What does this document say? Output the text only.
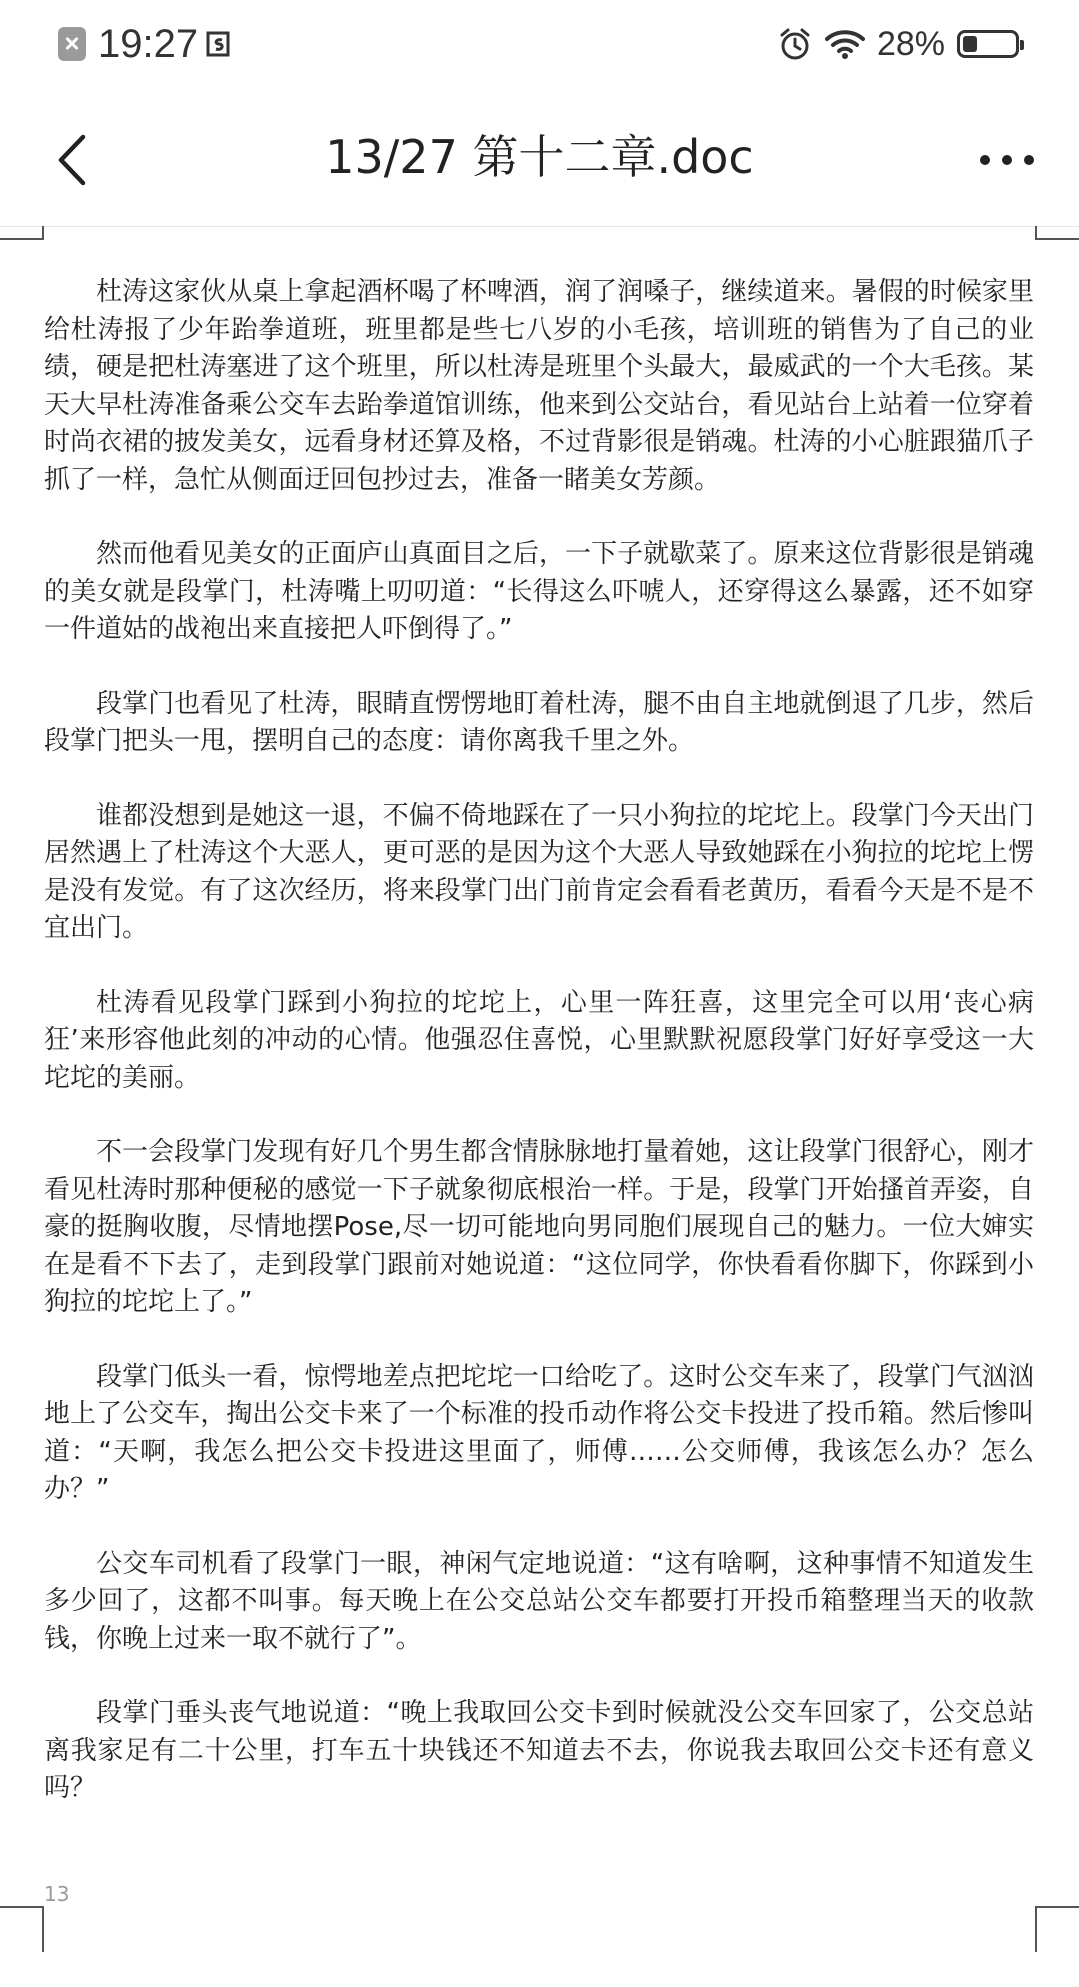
19:27	28%
13/27 第十二章.doc

杜涛这家伙从桌上拿起酒杯喝了杯啤酒，润了润嗓子，继续道来。暑假的时候家里给杜涛报了少年跆拳道班，班里都是些七八岁的小毛孩，培训班的销售为了自己的业绩，硬是把杜涛塞进了这个班里，所以杜涛是班里个头最大，最威武的一个大毛孩。某天大早杜涛准备乘公交车去跆拳道馆训练，他来到公交站台，看见站台上站着一位穿着时尚衣裙的披发美女，远看身材还算及格，不过背影很是销魂。杜涛的小心脏跟猫爪子抓了一样，急忙从侧面迂回包抄过去，准备一睹美女芳颜。

然而他看见美女的正面庐山真面目之后，一下子就歇菜了。原来这位背影很是销魂的美女就是段掌门，杜涛嘴上叨叨道：“长得这么吓唬人，还穿得这么暴露，还不如穿一件道姑的战袍出来直接把人吓倒得了。”

段掌门也看见了杜涛，眼睛直愣愣地盯着杜涛，腿不由自主地就倒退了几步，然后段掌门把头一甩，摆明自己的态度：请你离我千里之外。

谁都没想到是她这一退，不偏不倚地踩在了一只小狗拉的坨坨上。段掌门今天出门居然遇上了杜涛这个大恶人，更可恶的是因为这个大恶人导致她踩在小狗拉的坨坨上愣是没有发觉。有了这次经历，将来段掌门出门前肯定会看看老黄历，看看今天是不是不宜出门。

杜涛看见段掌门踩到小狗拉的坨坨上，心里一阵狂喜，这里完全可以用‘丧心病狂’来形容他此刻的冲动的心情。他强忍住喜悦，心里默默祝愿段掌门好好享受这一大坨坨的美丽。

不一会段掌门发现有好几个男生都含情脉脉地打量着她，这让段掌门很舒心，刚才看见杜涛时那种便秘的感觉一下子就象彻底根治一样。于是，段掌门开始搔首弄姿，自豪的挺胸收腹，尽情地摆Pose,尽一切可能地向男同胞们展现自己的魅力。一位大婶实在是看不下去了，走到段掌门跟前对她说道：“这位同学，你快看看你脚下，你踩到小狗拉的坨坨上了。”

段掌门低头一看，惊愕地差点把坨坨一口给吃了。这时公交车来了，段掌门气汹汹地上了公交车，掏出公交卡来了一个标准的投币动作将公交卡投进了投币箱。然后惨叫道：“天啊，我怎么把公交卡投进这里面了，师傅……公交师傅，我该怎么办？怎么办？”

公交车司机看了段掌门一眼，神闲气定地说道：“这有啥啊，这种事情不知道发生多少回了，这都不叫事。每天晚上在公交总站公交车都要打开投币箱整理当天的收款钱，你晚上过来一取不就行了”。

段掌门垂头丧气地说道：“晚上我取回公交卡到时候就没公交车回家了，公交总站离我家足有二十公里，打车五十块钱还不知道去不去，你说我去取回公交卡还有意义吗？

13
